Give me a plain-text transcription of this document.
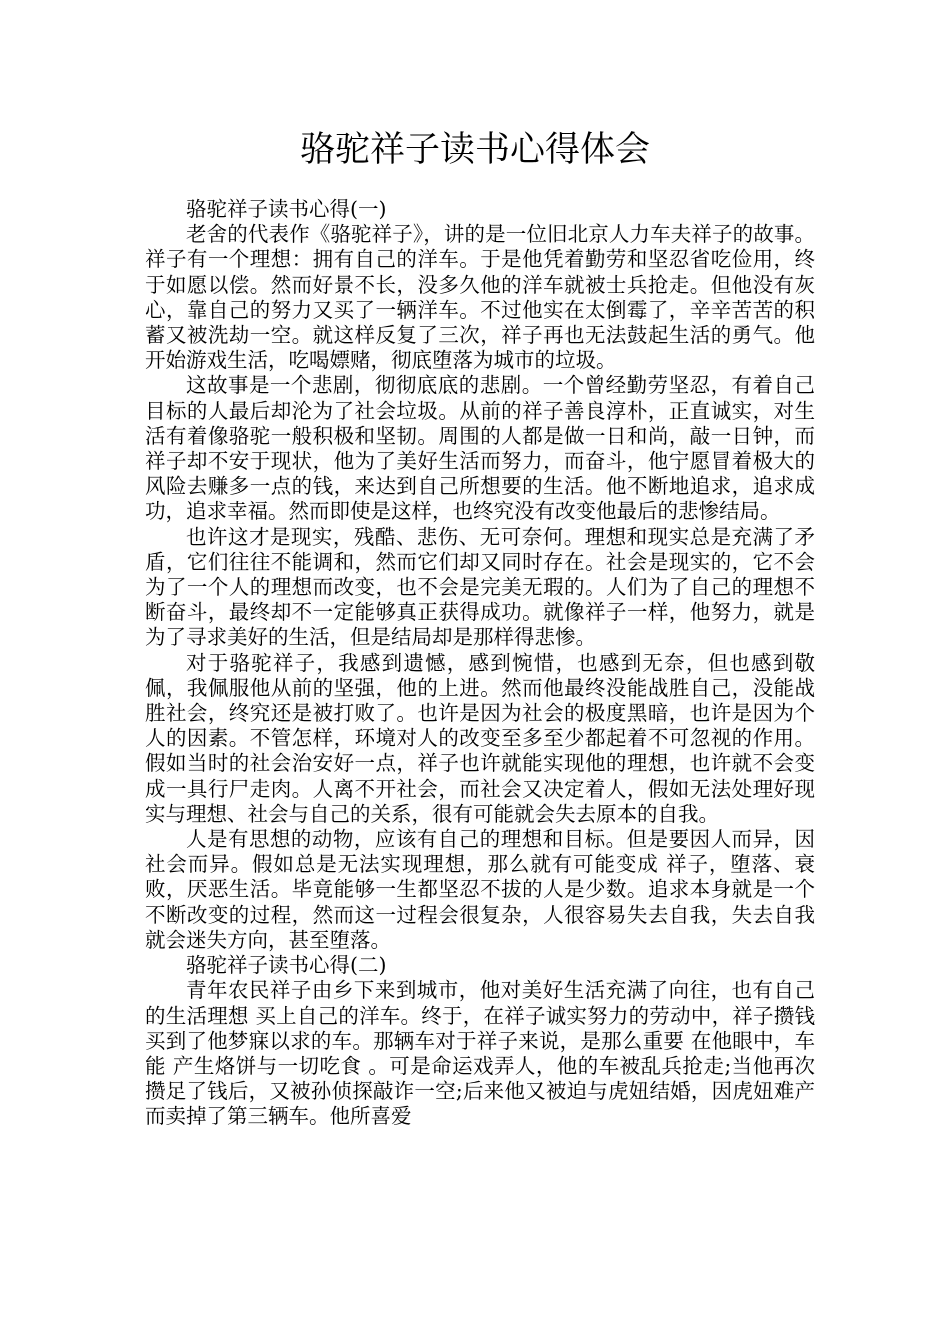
骆驼祥子读书心得体会
骆驼祥子读书心得(一)

老舍的代表作《骆驼祥子》，讲的是一位旧北京人力车夫祥子的故事。祥子有一个理想：拥有自己的洋车。于是他凭着勤劳和坚忍省吃俭用，终于如愿以偿。然而好景不长，没多久他的洋车就被士兵抢走。但他没有灰心，靠自己的努力又买了一辆洋车。不过他实在太倒霉了，辛辛苦苦的积蓄又被洗劫一空。就这样反复了三次，祥子再也无法鼓起生活的勇气。他开始游戏生活，吃喝嫖赌，彻底堕落为城市的垃圾。

这故事是一个悲剧，彻彻底底的悲剧。一个曾经勤劳坚忍，有着自己目标的人最后却沦为了社会垃圾。从前的祥子善良淳朴，正直诚实，对生活有着像骆驼一般积极和坚韧。周围的人都是做一日和尚，敲一日钟，而祥子却不安于现状，他为了美好生活而努力，而奋斗，他宁愿冒着极大的风险去赚多一点的钱，来达到自己所想要的生活。他不断地追求，追求成功，追求幸福。然而即使是这样，也终究没有改变他最后的悲惨结局。

也许这才是现实，残酷、悲伤、无可奈何。理想和现实总是充满了矛盾，它们往往不能调和，然而它们却又同时存在。社会是现实的，它不会为了一个人的理想而改变，也不会是完美无瑕的。人们为了自己的理想不断奋斗，最终却不一定能够真正获得成功。就像祥子一样，他努力，就是为了寻求美好的生活，但是结局却是那样得悲惨。

对于骆驼祥子，我感到遗憾，感到惋惜，也感到无奈，但也感到敬佩，我佩服他从前的坚强，他的上进。然而他最终没能战胜自己，没能战胜社会，终究还是被打败了。也许是因为社会的极度黑暗，也许是因为个人的因素。不管怎样，环境对人的改变至多至少都起着不可忽视的作用。假如当时的社会治安好一点，祥子也许就能实现他的理想，也许就不会变成一具行尸走肉。人离不开社会，而社会又决定着人，假如无法处理好现实与理想、社会与自己的关系，很有可能就会失去原本的自我。

人是有思想的动物，应该有自己的理想和目标。但是要因人而异，因社会而异。假如总是无法实现理想，那么就有可能变成 祥子，堕落、衰败，厌恶生活。毕竟能够一生都坚忍不拔的人是少数。追求本身就是一个不断改变的过程，然而这一过程会很复杂，人很容易失去自我，失去自我就会迷失方向，甚至堕落。

骆驼祥子读书心得(二)

青年农民祥子由乡下来到城市，他对美好生活充满了向往，也有自己的生活理想 买上自己的洋车。终于，在祥子诚实努力的劳动中，祥子攒钱买到了他梦寐以求的车。那辆车对于祥子来说，是那么重要 在他眼中，车能 产生烙饼与一切吃食 。可是命运戏弄人，他的车被乱兵抢走;当他再次攒足了钱后，又被孙侦探敲诈一空;后来他又被迫与虎妞结婚，因虎妞难产而卖掉了第三辆车。他所喜爱
